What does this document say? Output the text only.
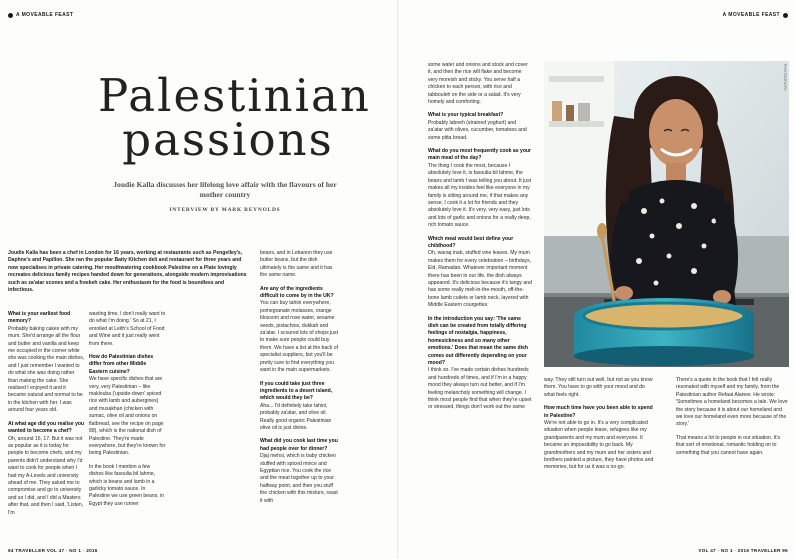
A MOVEABLE FEAST	A MOVEABLE FEAST
Palestinian
passions
Joudie Kalla discusses her lifelong love affair with the flavours of her mother country
INTERVIEW BY MARK REYNOLDS
Joudie Kalla has been a chef in London for 16 years, working at restaurants such as Pengelley's, Daphne's and Papillon. She ran the popular Baity Kitchen deli and restaurant for three years and now specialises in private catering. Her mouthwatering cookbook Palestine on a Plate lovingly recreates delicious family recipes handed down for generations, alongside modern improvisations such as za'atar scones and a freekeh cake. Her enthusiasm for the food is boundless and infectious.

What is your earliest food memory?
Probably baking cakes with my mum. She'd arrange all the flour and butter and vanilla and keep me occupied in the corner while she was cooking the main dishes, and I just remember I wanted to do what she was doing rather than making the cake. She realised I enjoyed it and it became natural and normal to be in the kitchen with her. I was around four years old.

At what age did you realise you wanted to become a chef?
Oh, around 16, 17. But it was not as popular as it is today for people to become chefs, and my parents didn't understand why I'd want to cook for people when I had my A-Levels and university ahead of me. They asked me to compromise and go to university and so I did, and I did a Masters after that, and then I said, 'Listen, I'm

wasting time, I don't really want to do what I'm doing.' So at 21, I enrolled at Leith's School of Food and Wine and it just really went from there.

How do Palestinian dishes differ from other Middle Eastern cuisine?
We have specific dishes that are very, very Palestinian – like maklouba ('upside-down' spiced rice with lamb and aubergines) and musakhan (chicken with sumac, olive oil and onions on flatbread, see the recipe on page 88), which is the national dish of Palestine. They're made everywhere, but they're known for being Palestinian.

In the book I mention a few dishes like fasoulia bil lahme, which is beans and lamb in a garlicky tomato sauce. In Palestine we use green beans, in Egypt they use runner

beans, and in Lebanon they use butter beans, but the dish ultimately is the same and it has the same name.

Are any of the ingredients difficult to come by in the UK?
You can buy tahini everywhere, pomegranate molasses, orange blossom and rose water, sesame seeds, pistachios, dukkah and za'atar. I scoured lots of shops just to make sure people could buy them. We have a list at the back of specialist suppliers, but you'll be pretty sure to find everything you want in the main supermarkets.

If you could take just three ingredients to a desert island, which would they be?
Aha... I'd definitely take tahini, probably za'atar, and olive oil. Really good organic Palestinian olive oil is just divine.

What did you cook last time you had people over for dinner?
Djaj mehsi, which is baby chicken stuffed with spiced mince and Egyptian rice. You cook the rice and the meat together up to your halfway point, and then you stuff the chicken with this mixture, roast it with

some water and onions and stock and cover it, and then the rice will flake and become very moreish and sticky. You serve half a chicken to each person, with rice and tabbouleh on the side or a salad. It's very homely and comforting.

What is your typical breakfast?
Probably labneh (strained yoghurt) and za'atar with olives, cucumber, tomatoes and some pitta bread.

What do you most frequently cook as your main meal of the day?
The thing I cook the most, because I absolutely love it, is fasoulia bil lahme, the beans and lamb I was telling you about. It just makes all my insides feel like everyone in my family is sitting around me, if that makes any sense. I cook it a lot for friends and they absolutely love it. It's very, very easy, just lots and lots of garlic and onions for a really deep, rich tomato sauce.

Which meal would best define your childhood?
Oh, waraq inab, stuffed vine leaves. My mum makes them for every celebration – birthdays, Eid, Ramadan. Whatever important moment there has been in our life, the dish always appeared. It's delicious because it's tangy and has some really melt-in-the-mouth, off-the-bone lamb cutlets or lamb neck, layered with Middle Eastern courgettes.

In the introduction you say: 'The same dish can be created from totally differing feelings of nostalgia, happiness, homesickness and so many other emotions.' Does that mean the same dish comes out differently depending on your mood?
I think so. I've made certain dishes hundreds and hundreds of times, and if I'm in a happy mood they always turn out better, and if I'm feeling melancholy something will change. I think most people find that when they're upset or stressed, things don't work out the same

way. They still turn out well, but not as you know them. You have to go with your mood and do what feels right.

How much time have you been able to spend in Palestine?
We're not able to go in. It's a very complicated situation when people leave, refugees like my grandparents and my mum and everyone. It became an impossibility to go back. My grandmothers and my mum and her sisters and brothers painted a picture, they have photos and memories, but for us it was a no-go.

There's a quote in the book that I felt really resonated with myself and my family, from the Palestinian author Refaat Alareer. He wrote: 'Sometimes a homeland becomes a tale. We love the story because it is about our homeland and we love our homeland even more because of the story.'

That means a lot to people in our situation. It's that sort of emotional, romantic holding on to something that you cannot have again.

PHOTOGRAPH
94 TRAVELLER VOL 47 · NO 1 · 2016	VOL 47 · NO 1 · 2016 TRAVELLER 95
